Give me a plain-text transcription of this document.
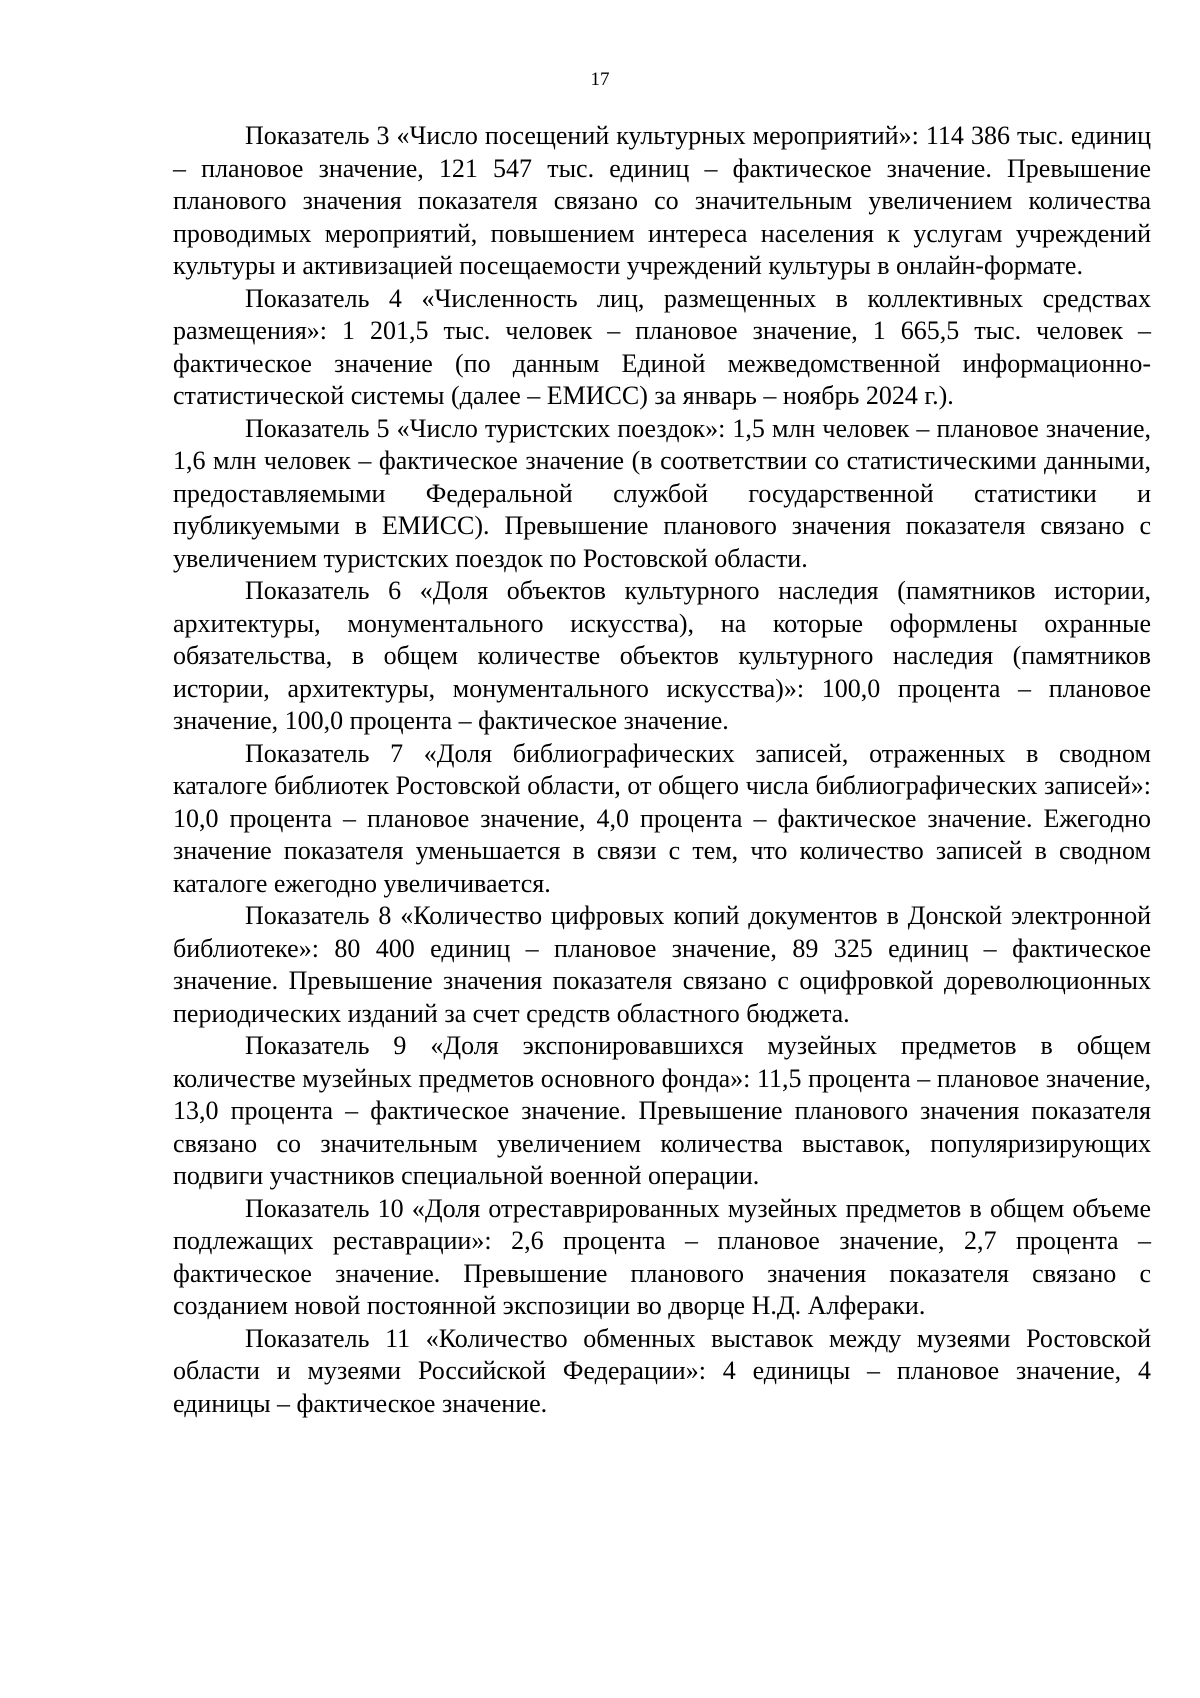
17

Показатель 3 «Число посещений культурных мероприятий»: 114 386 тыс. единиц – плановое значение, 121 547 тыс. единиц – фактическое значение. Превышение планового значения показателя связано со значительным увеличением количества проводимых мероприятий, повышением интереса населения к услугам учреждений культуры и активизацией посещаемости учреждений культуры в онлайн-формате.

Показатель 4 «Численность лиц, размещенных в коллективных средствах размещения»: 1 201,5 тыс. человек – плановое значение, 1 665,5 тыс. человек – фактическое значение (по данным Единой межведомственной информационно-статистической системы (далее – ЕМИСС) за январь – ноябрь 2024 г.).

Показатель 5 «Число туристских поездок»: 1,5 млн человек – плановое значение, 1,6 млн человек – фактическое значение (в соответствии со статистическими данными, предоставляемыми Федеральной службой государственной статистики и публикуемыми в ЕМИСС). Превышение планового значения показателя связано с увеличением туристских поездок по Ростовской области.

Показатель 6 «Доля объектов культурного наследия (памятников истории, архитектуры, монументального искусства), на которые оформлены охранные обязательства, в общем количестве объектов культурного наследия (памятников истории, архитектуры, монументального искусства)»: 100,0 процента – плановое значение, 100,0 процента – фактическое значение.

Показатель 7 «Доля библиографических записей, отраженных в сводном каталоге библиотек Ростовской области, от общего числа библиографических записей»: 10,0 процента – плановое значение, 4,0 процента – фактическое значение. Ежегодно значение показателя уменьшается в связи с тем, что количество записей в сводном каталоге ежегодно увеличивается.

Показатель 8 «Количество цифровых копий документов в Донской электронной библиотеке»: 80 400 единиц – плановое значение, 89 325 единиц – фактическое значение. Превышение значения показателя связано с оцифровкой дореволюционных периодических изданий за счет средств областного бюджета.

Показатель 9 «Доля экспонировавшихся музейных предметов в общем количестве музейных предметов основного фонда»: 11,5 процента – плановое значение, 13,0 процента – фактическое значение. Превышение планового значения показателя связано со значительным увеличением количества выставок, популяризирующих подвиги участников специальной военной операции.

Показатель 10 «Доля отреставрированных музейных предметов в общем объеме подлежащих реставрации»: 2,6 процента – плановое значение, 2,7 процента – фактическое значение. Превышение планового значения показателя связано с созданием новой постоянной экспозиции во дворце Н.Д. Алфераки.

Показатель 11 «Количество обменных выставок между музеями Ростовской области и музеями Российской Федерации»: 4 единицы – плановое значение, 4 единицы – фактическое значение.
